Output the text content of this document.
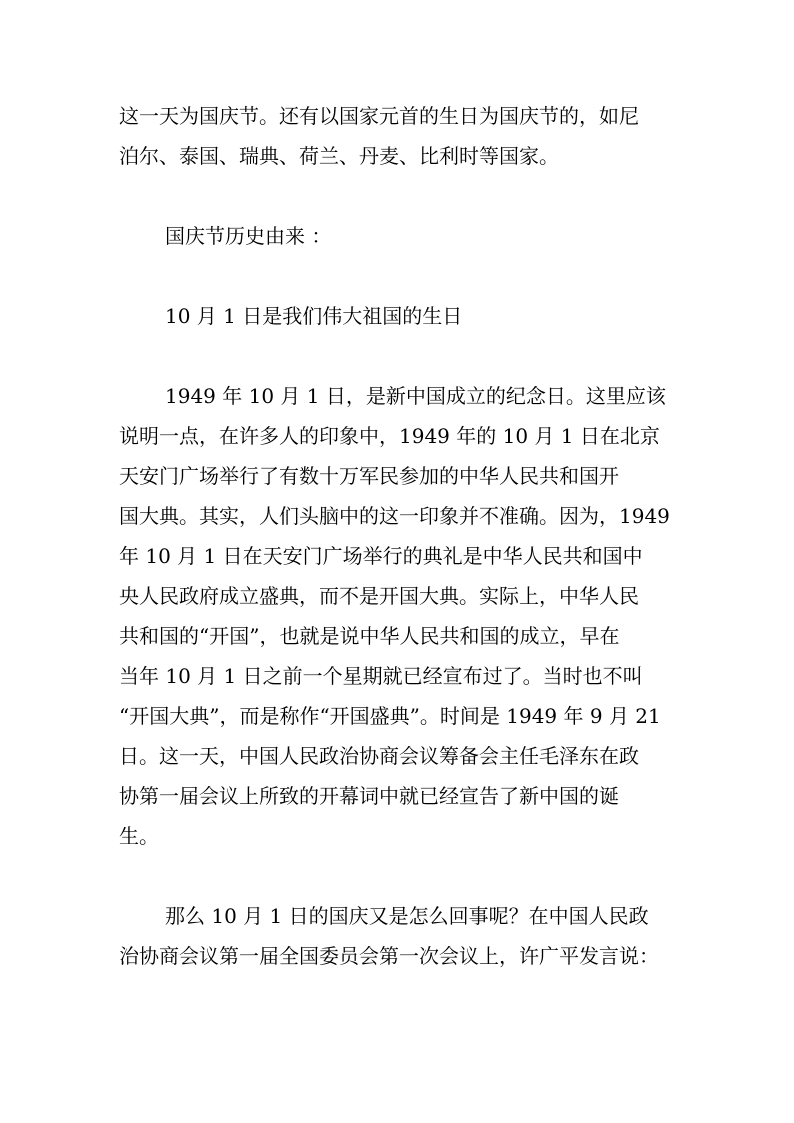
这一天为国庆节。还有以国家元首的生日为国庆节的，如尼
泊尔、泰国、瑞典、荷兰、丹麦、比利时等国家。
国庆节历史由来 ：
10 月 1 日是我们伟大祖国的生日
1949 年 10 月 1 日，是新中国成立的纪念日。这里应该
说明一点，在许多人的印象中，1949 年的 10 月 1 日在北京
天安门广场举行了有数十万军民参加的中华人民共和国开
国大典。其实，人们头脑中的这一印象并不准确。因为，1949
年 10 月 1 日在天安门广场举行的典礼是中华人民共和国中
央人民政府成立盛典，而不是开国大典。实际上，中华人民
共和国的“开国”，也就是说中华人民共和国的成立，早在
当年 10 月 1 日之前一个星期就已经宣布过了。当时也不叫
“开国大典”，而是称作“开国盛典”。时间是 1949 年 9 月 21
日。这一天，中国人民政治协商会议筹备会主任毛泽东在政
协第一届会议上所致的开幕词中就已经宣告了新中国的诞
生。
那么 10 月 1 日的国庆又是怎么回事呢？在中国人民政
治协商会议第一届全国委员会第一次会议上，许广平发言说：
